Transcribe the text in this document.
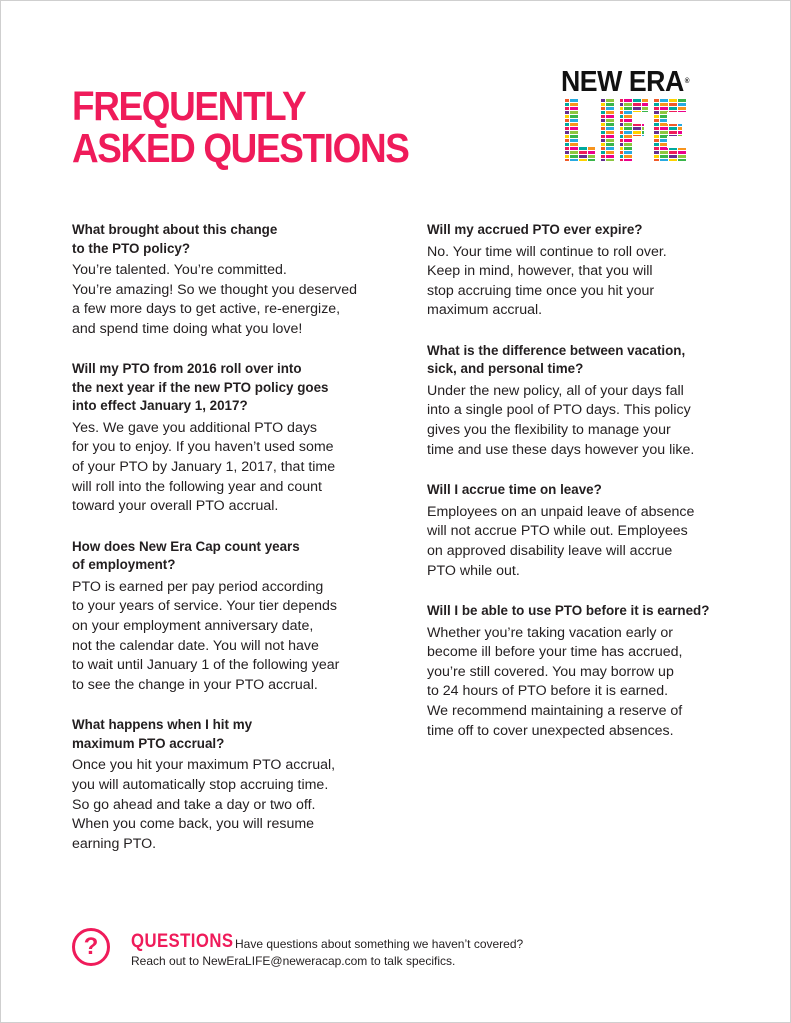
FREQUENTLY
ASKED QUESTIONS
NEW ERA®
What brought about this change
to the PTO policy?
You’re talented. You’re committed.
You’re amazing! So we thought you deserved
a few more days to get active, re-energize,
and spend time doing what you love!
Will my PTO from 2016 roll over into
the next year if the new PTO policy goes
into effect January 1, 2017?
Yes. We gave you additional PTO days
for you to enjoy. If you haven’t used some
of your PTO by January 1, 2017, that time
will roll into the following year and count
toward your overall PTO accrual.
How does New Era Cap count years
of employment?
PTO is earned per pay period according
to your years of service. Your tier depends
on your employment anniversary date,
not the calendar date. You will not have
to wait until January 1 of the following year
to see the change in your PTO accrual.
What happens when I hit my
maximum PTO accrual?
Once you hit your maximum PTO accrual,
you will automatically stop accruing time.
So go ahead and take a day or two off.
When you come back, you will resume
earning PTO.
Will my accrued PTO ever expire?
No. Your time will continue to roll over.
Keep in mind, however, that you will
stop accruing time once you hit your
maximum accrual.
What is the difference between vacation,
sick, and personal time?
Under the new policy, all of your days fall
into a single pool of PTO days. This policy
gives you the flexibility to manage your
time and use these days however you like.
Will I accrue time on leave?
Employees on an unpaid leave of absence
will not accrue PTO while out. Employees
on approved disability leave will accrue
PTO while out.
Will I be able to use PTO before it is earned?
Whether you’re taking vacation early or
become ill before your time has accrued,
you’re still covered. You may borrow up
to 24 hours of PTO before it is earned.
We recommend maintaining a reserve of
time off to cover unexpected absences.
?	QUESTIONS Have questions about something we haven’t covered?
Reach out to NewEraLIFE@neweracap.com to talk specifics.
